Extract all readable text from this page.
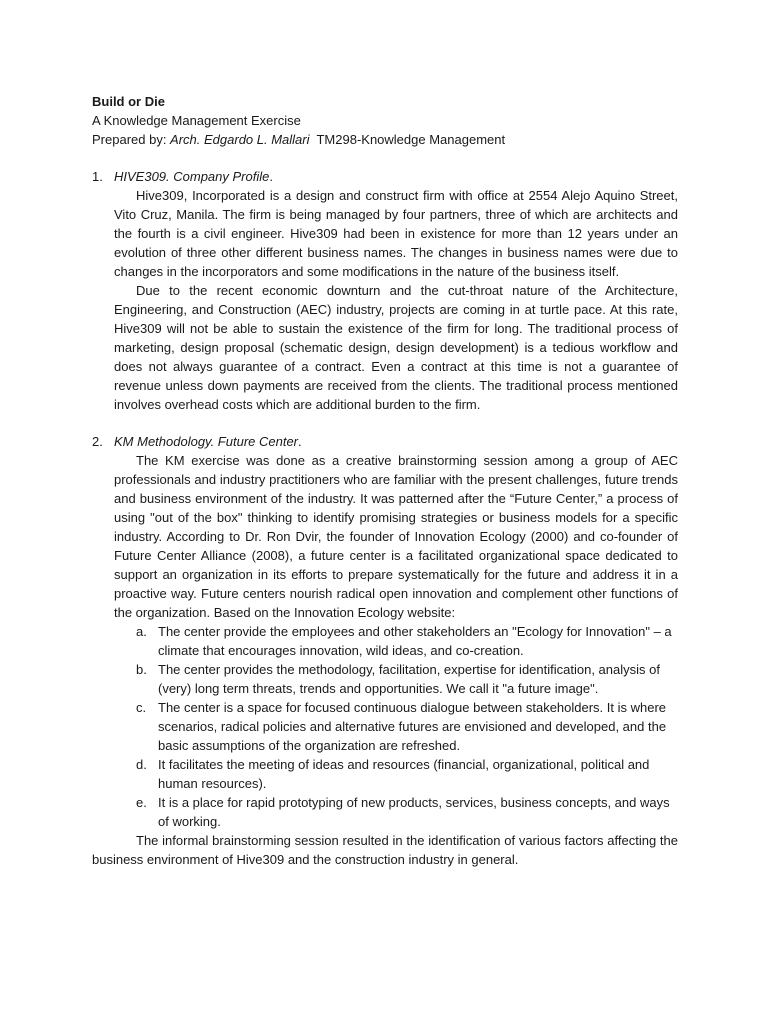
Build or Die

A Knowledge Management Exercise

Prepared by: Arch. Edgardo L. Mallari  TM298-Knowledge Management

1. HIVE309. Company Profile.

Hive309, Incorporated is a design and construct firm with office at 2554 Alejo Aquino Street, Vito Cruz, Manila. The firm is being managed by four partners, three of which are architects and the fourth is a civil engineer. Hive309 had been in existence for more than 12 years under an evolution of three other different business names. The changes in business names were due to changes in the incorporators and some modifications in the nature of the business itself.

Due to the recent economic downturn and the cut-throat nature of the Architecture, Engineering, and Construction (AEC) industry, projects are coming in at turtle pace. At this rate, Hive309 will not be able to sustain the existence of the firm for long. The traditional process of marketing, design proposal (schematic design, design development) is a tedious workflow and does not always guarantee of a contract. Even a contract at this time is not a guarantee of revenue unless down payments are received from the clients. The traditional process mentioned involves overhead costs which are additional burden to the firm.

2. KM Methodology. Future Center.

The KM exercise was done as a creative brainstorming session among a group of AEC professionals and industry practitioners who are familiar with the present challenges, future trends and business environment of the industry. It was patterned after the “Future Center,” a process of using "out of the box" thinking to identify promising strategies or business models for a specific industry. According to Dr. Ron Dvir, the founder of Innovation Ecology (2000) and co-founder of Future Center Alliance (2008), a future center is a facilitated organizational space dedicated to support an organization in its efforts to prepare systematically for the future and address it in a proactive way. Future centers nourish radical open innovation and complement other functions of the organization. Based on the Innovation Ecology website:

a. The center provide the employees and other stakeholders an "Ecology for Innovation" – a climate that encourages innovation, wild ideas, and co-creation.
b. The center provides the methodology, facilitation, expertise for identification, analysis of (very) long term threats, trends and opportunities. We call it "a future image".
c. The center is a space for focused continuous dialogue between stakeholders. It is where scenarios, radical policies and alternative futures are envisioned and developed, and the basic assumptions of the organization are refreshed.
d. It facilitates the meeting of ideas and resources (financial, organizational, political and human resources).
e. It is a place for rapid prototyping of new products, services, business concepts, and ways of working.

The informal brainstorming session resulted in the identification of various factors affecting the business environment of Hive309 and the construction industry in general.
